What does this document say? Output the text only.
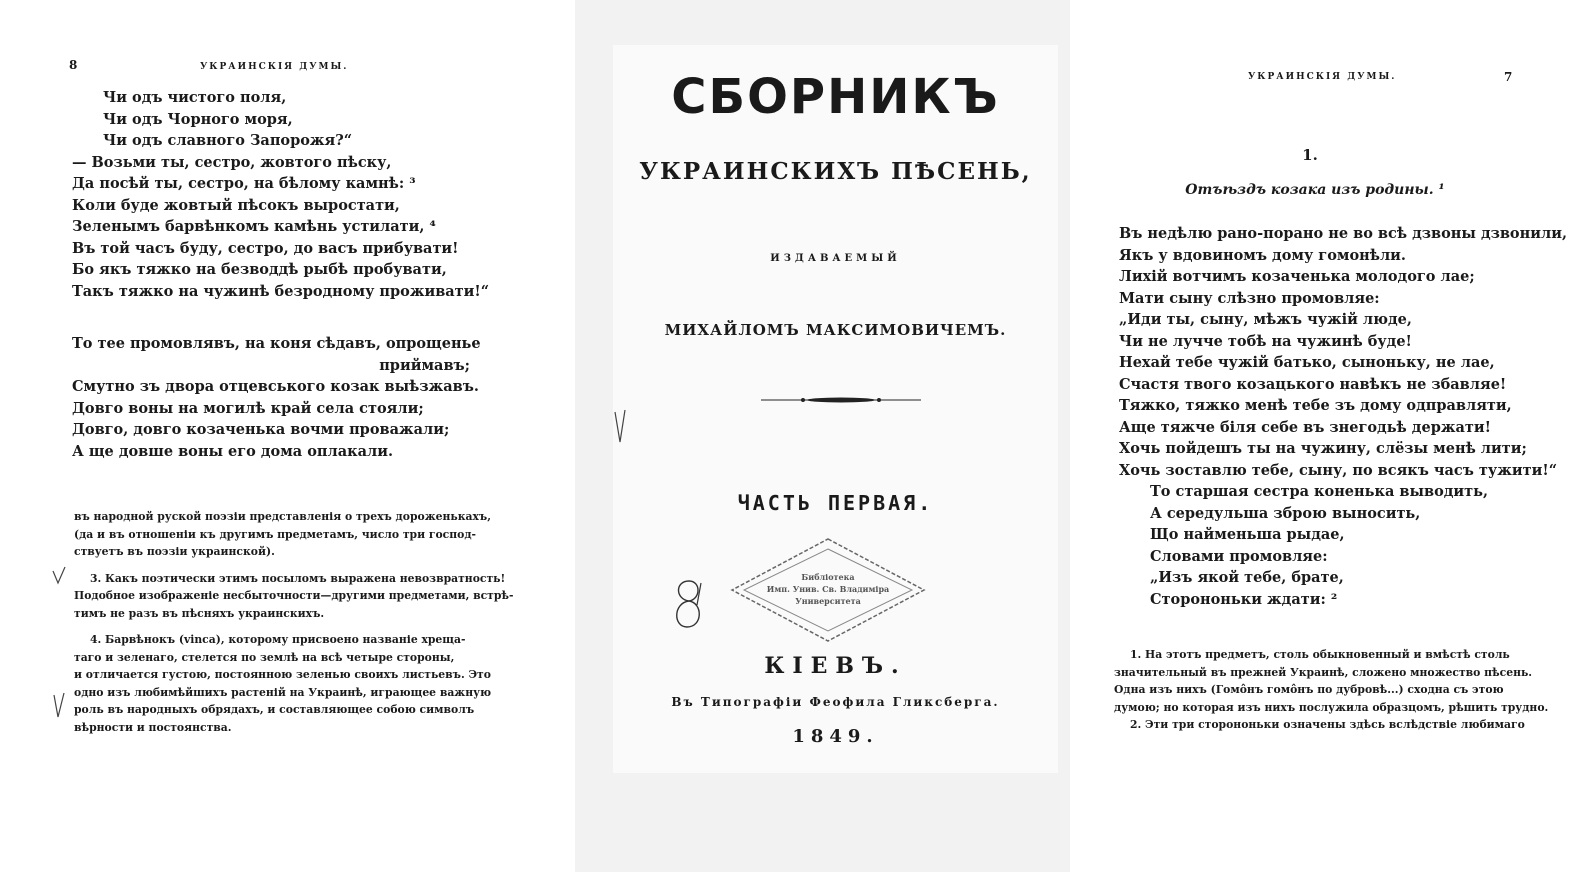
8	УКРАИНСКІЯ ДУМЫ.
Чи одъ чистого поля,
Чи одъ Чорного моря,
Чи одъ славного Запорожя?“
— Возьми ты, сестро, жовтого пѣску,
Да посѣй ты, сестро, на бѣлому камнѣ: ³
Коли буде жовтый пѣсокъ выростати,
Зеленымъ барвѣнкомъ камѣнь устилати, ⁴
Въ той часъ буду, сестро, до васъ прибувати!
Бо якъ тяжко на безводдѣ рыбѣ пробувати,
Такъ тяжко на чужинѣ безродному проживати!“
То тее промовлявъ, на коня сѣдавъ, опрощенье
приймавъ;
Смутно зъ двора отцевського козак выѣзжавъ.
Довго воны на могилѣ край села стояли;
Довго, довго козаченька вочми проважали;
А ще довше воны его дома оплакали.
въ народной руской поэзіи представленія о трехъ дороженькахъ,
(да и въ отношеніи къ другимъ предметамъ, число три господ-
ствуетъ въ поэзіи украинской).
3. Какъ поэтически этимъ посыломъ выражена невозвратность!
Подобное изображеніе несбыточности—другими предметами, встрѣ-
тимъ не разъ въ пѣсняхъ украинскихъ.
4. Барвѣнокъ (vinca), которому присвоено названіе хреща-
таго и зеленаго, стелется по землѣ на всѣ четыре стороны,
и отличается густою, постоянною зеленью своихъ листьевъ. Это
одно изъ любимѣйшихъ растеній на Украинѣ, играющее важную
роль въ народныхъ обрядахъ, и составляющее собою символъ
вѣрности и постоянства.
СБОРНИКЪ
УКРАИНСКИХЪ ПѢСЕНЬ,
ИЗДАВАЕМЫЙ
МИХАЙЛОМЪ МАКСИМОВИЧЕМЪ.
ЧАСТЬ ПЕРВАЯ.
Библіотека
Имп. Унив. Св. Владиміра
Университета
КІЕВЪ.
Въ Типографіи Феофила Гликсберга.
1849.
УКРАИНСКІЯ ДУМЫ.	7
1.
Отъѣздъ козака изъ родины. ¹
Въ недѣлю рано-порано не во всѣ дзвоны дзвонили,
Якъ у вдовиномъ дому гомонѣли.
Лихій вотчимъ козаченька молодого лае;
Мати сыну слѣзно промовляе:
„Иди ты, сыну, мѣжъ чужій люде,
Чи не лучче тобѣ на чужинѣ буде!
Нехай тебе чужій батько, сыноньку, не лае,
Счастя твого козацького навѣкъ не збавляе!
Тяжко, тяжко менѣ тебе зъ дому одправляти,
Аще тяжче біля себе въ знегодьѣ держати!
Хочь пойдешъ ты на чужину, слёзы менѣ лити;
Хочь зоставлю тебе, сыну, по всякъ часъ тужити!“
То старшая сестра коненька выводить,
А середульша зброю выносить,
Що найменьша рыдае,
Словами промовляе:
„Изъ якой тебе, брате,
Сторононьки ждати: ²
1. На этотъ предметъ, столь обыкновенный и вмѣстѣ столь
значительный въ прежней Украинѣ, сложено множество пѣсень.
Одна изъ нихъ (Гомôнъ гомôнъ по дубровѣ...) сходна съ этою
думою; но которая изъ нихъ послужила образцомъ, рѣшить трудно.
2. Эти три сторононьки означены здѣсь вслѣдствіе любимаго
